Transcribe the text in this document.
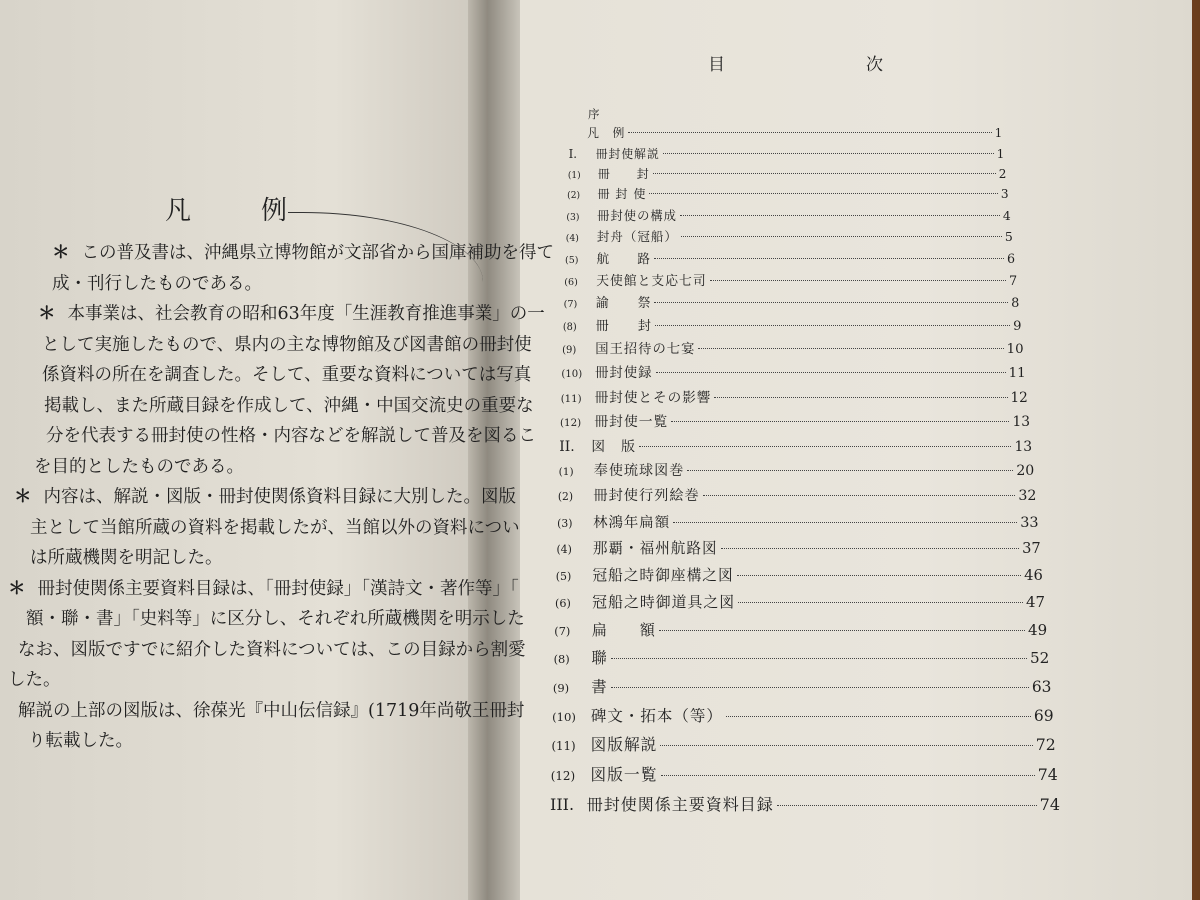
凡　例

＊ この普及書は、沖縄県立博物館が文部省から国庫補助を得て

成・刊行したものである。

＊ 本事業は、社会教育の昭和63年度「生涯教育推進事業」の一

として実施したもので、県内の主な博物館及び図書館の冊封使

係資料の所在を調査した。そして、重要な資料については写真

掲載し、また所蔵目録を作成して、沖縄・中国交流史の重要な

分を代表する冊封使の性格・内容などを解説して普及を図るこ

を目的としたものである。

＊ 内容は、解説・図版・冊封使関係資料目録に大別した。図版

主として当館所蔵の資料を掲載したが、当館以外の資料につい

は所蔵機関を明記した。

＊ 冊封使関係主要資料目録は、「冊封使録」「漢詩文・著作等」「

額・聯・書」「史料等」に区分し、それぞれ所蔵機関を明示した

なお、図版ですでに紹介した資料については、この目録から割愛

した。

解説の上部の図版は、徐葆光『中山伝信録』(1719年尚敬王冊封

り転載した。

目　次
序
凡　例	1
I.	冊封使解説	1
(1)	冊　　封	2
(2)	冊 封 使	3
(3)	冊封使の構成	4
(4)	封舟（冠船）	5
(5)	航　　路	6
(6)	天使館と支応七司	7
(7)	諭　　祭	8
(8)	冊　　封	9
(9)	国王招待の七宴	10
(10) 冊封使録	11
(11) 冊封使とその影響	12
(12) 冊封使一覧	13
II.	図　版	13
(1)	奉使琉球図巻	20
(2)	冊封使行列絵巻	32
(3)	林鴻年扁額	33
(4)	那覇・福州航路図	37
(5)	冠船之時御座構之図	46
(6)	冠船之時御道具之図	47
(7)	扁　　額	49
(8)	聯	52
(9)	書	63
(10) 碑文・拓本（等）	69
(11) 図版解説	72
(12) 図版一覧	74
III. 冊封使関係主要資料目録	74
